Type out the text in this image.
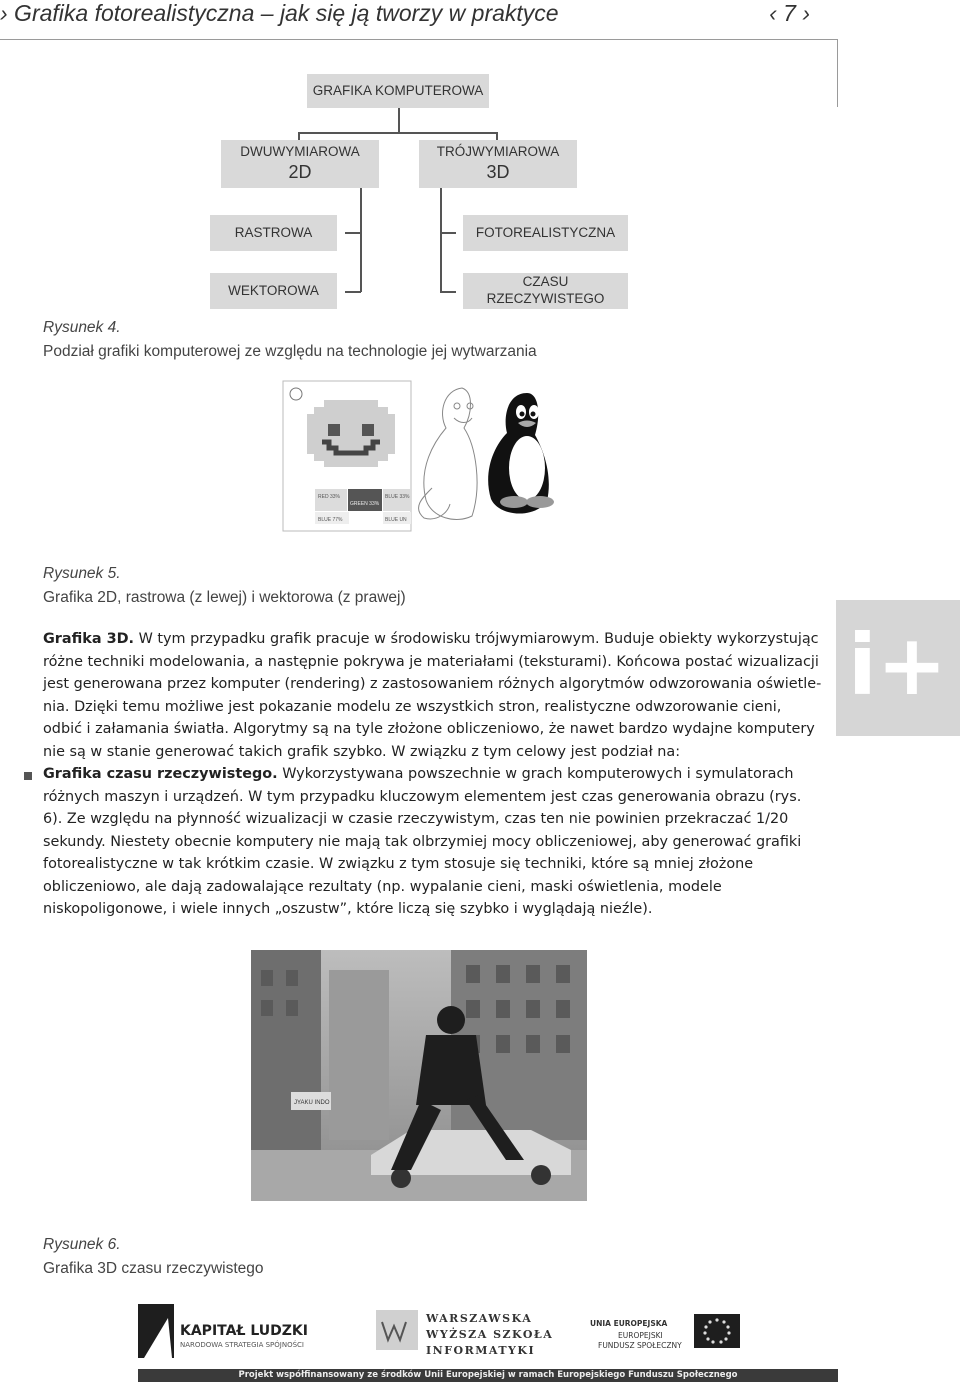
› Grafika fotorealistyczna – jak się ją tworzy w praktyce	‹ 7 ›
GRAFIKA KOMPUTEROWA
DWUWYMIAROWA
2D
TRÓJWYMIAROWA
3D
RASTROWA
WEKTOROWA
FOTOREALISTYCZNA
CZASU RZECZYWISTEGO
Rysunek 4.
Podział grafiki komputerowej ze względu na technologie jej wytwarzania
RED 33%
GREEN 33%
BLUE 33%
BLUE 77%	BLUE UN
Rysunek 5.
Grafika 2D, rastrowa (z lewej) i wektorowa (z prawej)
Grafika 3D. W tym przypadku grafik pracuje w środowisku trójwymiarowym. Buduje obiekty wykorzystując różne techniki modelowania, a następnie pokrywa je materiałami (teksturami). Końcowa postać wizualizacji jest generowana przez komputer (rendering) z zastosowaniem różnych algorytmów odwzorowania oświetle-nia. Dzięki temu możliwe jest pokazanie modelu ze wszystkich stron, realistyczne odwzorowanie cieni, odbić i załamania światła. Algorytmy są na tyle złożone obliczeniowo, że nawet bardzo wydajne komputery nie są w stanie generować takich grafik szybko. W związku z tym celowy jest podział na:
Grafika czasu rzeczywistego. Wykorzystywana powszechnie w grach komputerowych i symulatorach różnych maszyn i urządzeń. W tym przypadku kluczowym elementem jest czas generowania obrazu (rys. 6). Ze względu na płynność wizualizacji w czasie rzeczywistym, czas ten nie powinien przekraczać 1/20 sekundy. Niestety obecnie komputery nie mają tak olbrzymiej mocy obliczeniowej, aby generować grafiki fotorealistyczne w tak krótkim czasie. W związku z tym stosuje się techniki, które są mniej złożone obliczeniowo, ale dają zadowalające rezultaty (np. wypalanie cieni, maski oświetlenia, modele niskopoligonowe, i wiele innych „oszustw”, które liczą się szybko i wyglądają nieźle).
i+
JYAKU INDO
Rysunek 6.
Grafika 3D czasu rzeczywistego
KAPITAŁ LUDZKI
NARODOWA STRATEGIA SPÓJNOŚCI
WARSZAWSKA
WYŻSZA SZKOŁA
INFORMATYKI
UNIA EUROPEJSKA
EUROPEJSKI
FUNDUSZ SPOŁECZNY
Projekt współfinansowany ze środków Unii Europejskiej w ramach Europejskiego Funduszu Społecznego
